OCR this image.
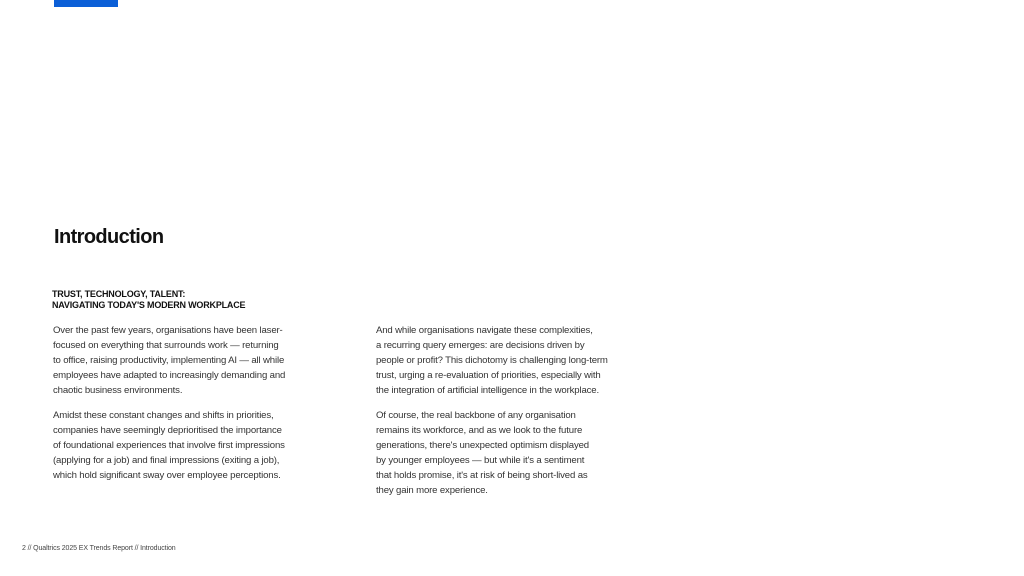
Introduction
TRUST, TECHNOLOGY, TALENT:
NAVIGATING TODAY'S MODERN WORKPLACE

Over the past few years, organisations have been laser-
focused on everything that surrounds work — returning
to office, raising productivity, implementing AI — all while
employees have adapted to increasingly demanding and
chaotic business environments.

Amidst these constant changes and shifts in priorities,
companies have seemingly deprioritised the importance
of foundational experiences that involve first impressions
(applying for a job) and final impressions (exiting a job),
which hold significant sway over employee perceptions.

And while organisations navigate these complexities,
a recurring query emerges: are decisions driven by
people or profit? This dichotomy is challenging long-term
trust, urging a re-evaluation of priorities, especially with
the integration of artificial intelligence in the workplace.

Of course, the real backbone of any organisation
remains its workforce, and as we look to the future
generations, there's unexpected optimism displayed
by younger employees — but while it's a sentiment
that holds promise, it's at risk of being short-lived as
they gain more experience.

2 // Qualtrics 2025 EX Trends Report // Introduction
